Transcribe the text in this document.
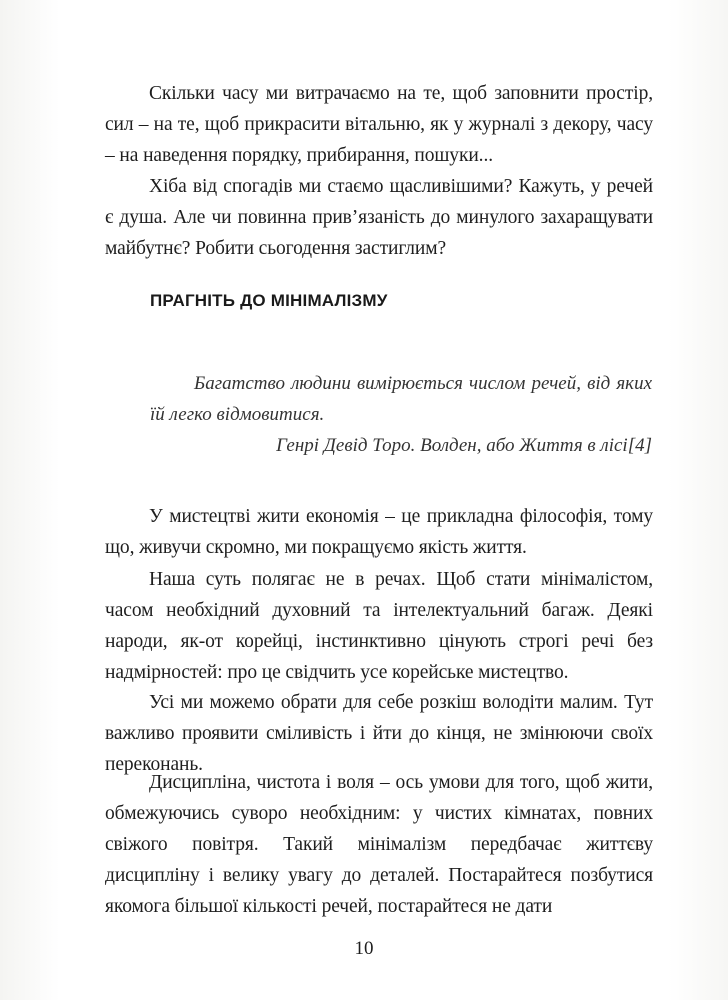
Скільки часу ми витрачаємо на те, щоб заповнити простір, сил – на те, щоб прикрасити вітальню, як у журналі з декору, часу – на наведення порядку, прибирання, пошуки...

Хіба від спогадів ми стаємо щасливішими? Кажуть, у речей є душа. Але чи повинна прив’язаність до минулого захаращувати майбутнє? Робити сьогодення застиглим?

ПРАГНІТЬ ДО МІНІМАЛІЗМУ

Багатство людини вимірюється числом речей, від яких їй легко відмовитися.

Генрі Девід Торо. Волден, або Життя в лісі[4]

У мистецтві жити економія – це прикладна філософія, тому що, живучи скромно, ми покращуємо якість життя.

Наша суть полягає не в речах. Щоб стати мінімалістом, часом необхідний духовний та інтелектуальний багаж. Деякі народи, як-от корейці, інстинктивно цінують строгі речі без надмірностей: про це свідчить усе корейське мистецтво.

Усі ми можемо обрати для себе розкіш володіти малим. Тут важливо проявити сміливість і йти до кінця, не змінюючи своїх переконань.

Дисципліна, чистота і воля – ось умови для того, щоб жити, обмежуючись суворо необхідним: у чистих кімнатах, повних свіжого повітря. Такий мінімалізм передбачає життєву дисципліну і велику увагу до деталей. Постарайтеся позбутися якомога більшої кількості речей, постарайтеся не дати

10
